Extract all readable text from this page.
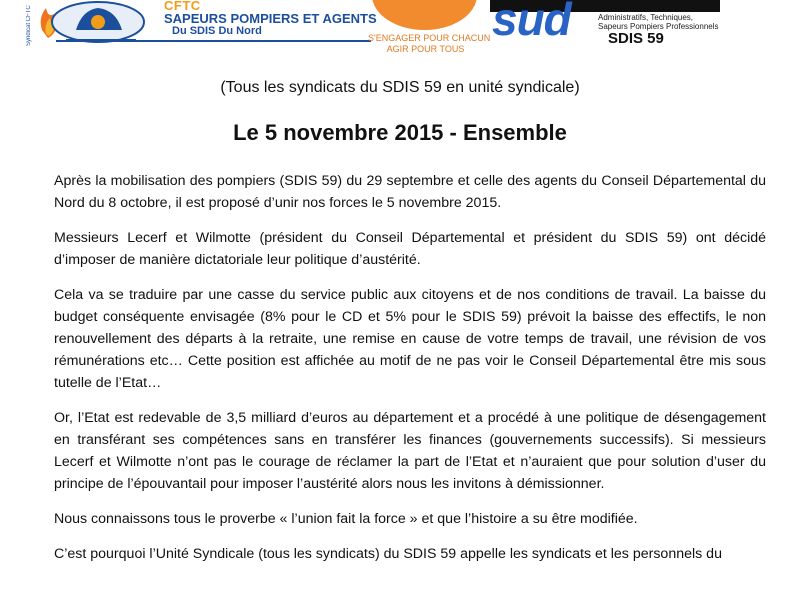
Syndicat CFTC	CFTC
SAPEURS POMPIERS ET AGENTS
Du SDIS Du Nord
S'ENGAGER POUR CHACUN
AGIR POUR TOUS
sud	Administratifs, Techniques,
Sapeurs Pompiers Professionnels
SDIS 59
(Tous les syndicats du SDIS 59 en unité syndicale)
Le 5 novembre 2015 - Ensemble

Après la mobilisation des pompiers (SDIS 59) du 29 septembre et celle des agents du Conseil Départemental du Nord du 8 octobre, il est proposé d’unir nos forces le 5 novembre 2015.

Messieurs Lecerf et Wilmotte (président du Conseil Départemental et président du SDIS 59) ont décidé d’imposer de manière dictatoriale leur politique d’austérité.

Cela va se traduire par une casse du service public aux citoyens et de nos conditions de travail. La baisse du budget conséquente envisagée (8% pour le CD et 5% pour le SDIS 59) prévoit la baisse des effectifs, le non renouvellement des départs à la retraite, une remise en cause de votre temps de travail, une révision de vos rémunérations etc… Cette position est affichée au motif de ne pas voir le Conseil Départemental être mis sous tutelle de l’Etat…

Or, l’Etat est redevable de 3,5 milliard d’euros au département et a procédé à une politique de désengagement en transférant ses compétences sans en transférer les finances (gouvernements successifs). Si messieurs Lecerf et Wilmotte n’ont pas le courage de réclamer la part de l’Etat et n’auraient que pour solution d’user du principe de l’épouvantail pour imposer l’austérité alors nous les invitons à démissionner.

Nous connaissons tous le proverbe « l’union fait la force » et que l’histoire a su être modifiée.

C’est pourquoi l’Unité Syndicale (tous les syndicats) du SDIS 59 appelle les syndicats et les personnels du
